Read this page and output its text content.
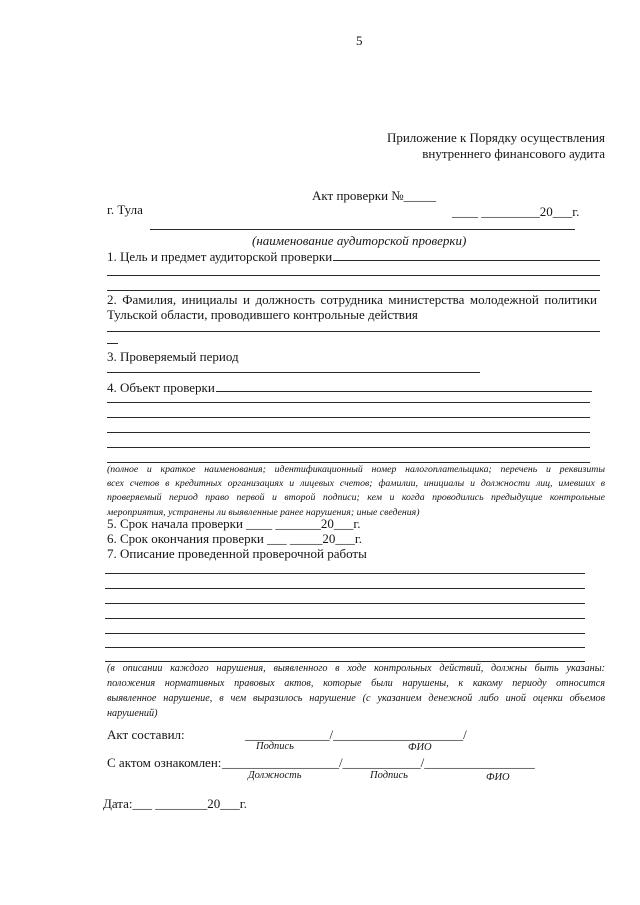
5
Приложение к Порядку осуществления
внутреннего финансового аудита
Акт проверки №_____
г. Тула	____ _________20___г.
(наименование аудиторской проверки)
1. Цель и предмет аудиторской проверки
2. Фамилия, инициалы и должность сотрудника министерства молодежной политики
Тульской области, проводившего контрольные действия
3. Проверяемый период
4. Объект проверки
(полное и краткое наименования; идентификационный номер налогоплательщика; перечень и реквизиты
всех счетов в кредитных организациях и лицевых счетов; фамилии, инициалы и должности лиц, имевших в
проверяемый период право первой и второй подписи; кем и когда проводились предыдущие контрольные
мероприятия, устранены ли выявленные ранее нарушения; иные сведения)
5. Срок начала проверки ____ _______20___г.
6. Срок окончания проверки ___ _____20___г.
7. Описание проведенной проверочной работы
(в описании каждого нарушения, выявленного в ходе контрольных действий, должны быть указаны:
положения нормативных правовых актов, которые были нарушены, к какому периоду относится
выявленное нарушение, в чем выразилось нарушение (с указанием денежной либо иной оценки объемов
нарушений)
Акт составил:	_____________/____________________/
Подпись	ФИО
С актом ознакомлен: __________________/____________/_________________
Должность	Подпись	ФИО
Дата:___ ________20___г.
